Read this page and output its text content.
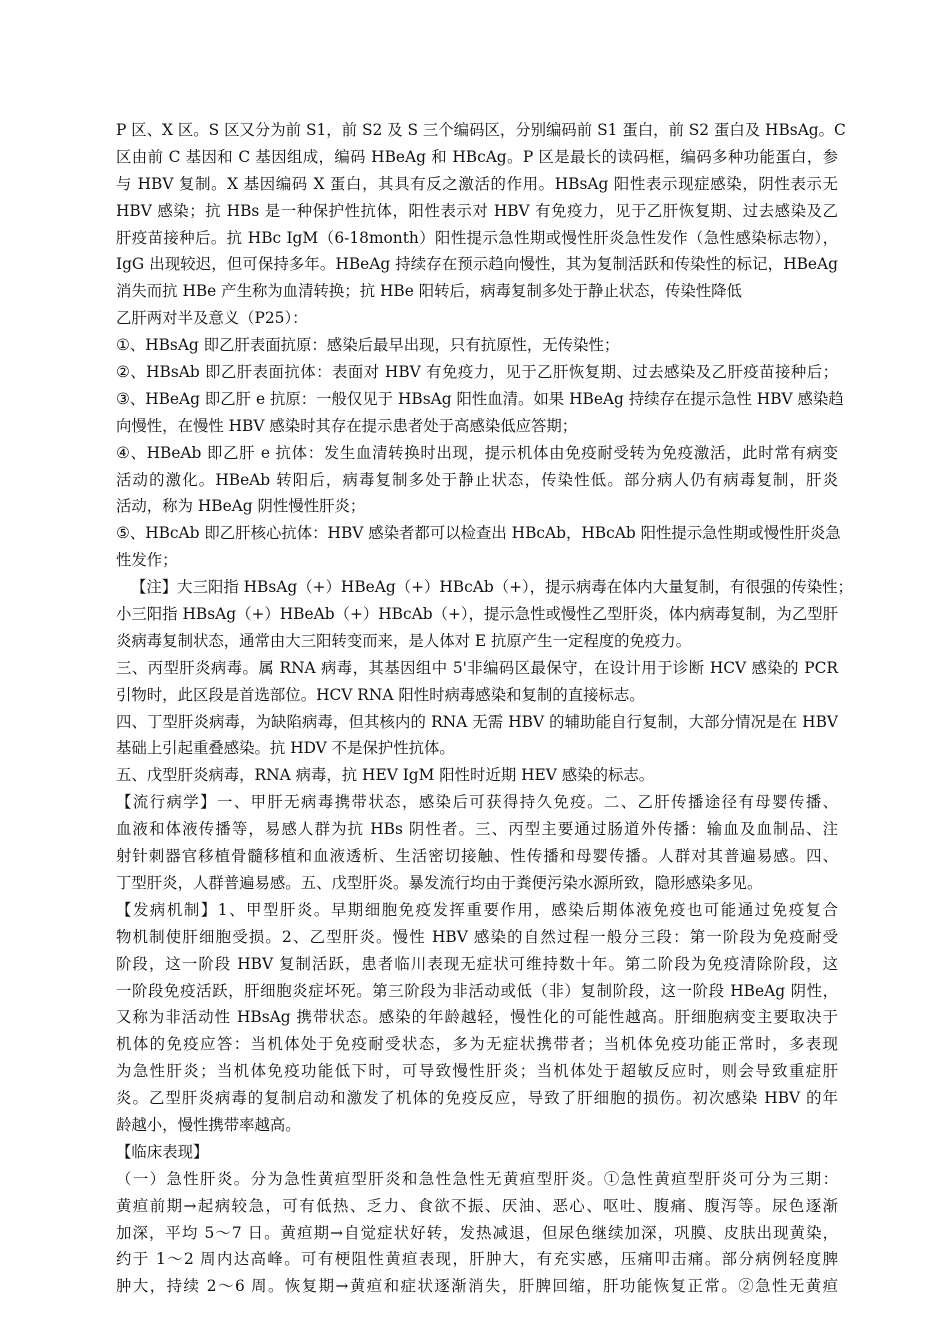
P 区、X 区。S 区又分为前 S1，前 S2 及 S 三个编码区，分别编码前 S1 蛋白，前 S2 蛋白及 HBsAg。C
区由前 C 基因和 C 基因组成，编码 HBeAg 和 HBcAg。P 区是最长的读码框，编码多种功能蛋白，参
与 HBV 复制。X 基因编码 X 蛋白，其具有反之激活的作用。HBsAg 阳性表示现症感染，阴性表示无
HBV 感染；抗 HBs 是一种保护性抗体，阳性表示对 HBV 有免疫力，见于乙肝恢复期、过去感染及乙
肝疫苗接种后。抗 HBc IgM（6-18month）阳性提示急性期或慢性肝炎急性发作（急性感染标志物），
IgG 出现较迟，但可保持多年。HBeAg 持续存在预示趋向慢性，其为复制活跃和传染性的标记，HBeAg
消失而抗 HBe 产生称为血清转换；抗 HBe 阳转后，病毒复制多处于静止状态，传染性降低
乙肝两对半及意义（P25）：
①、HBsAg 即乙肝表面抗原：感染后最早出现，只有抗原性，无传染性；
②、HBsAb 即乙肝表面抗体：表面对 HBV 有免疫力，见于乙肝恢复期、过去感染及乙肝疫苗接种后；
③、HBeAg 即乙肝 e 抗原：一般仅见于 HBsAg 阳性血清。如果 HBeAg 持续存在提示急性 HBV 感染趋
向慢性，在慢性 HBV 感染时其存在提示患者处于高感染低应答期；
④、HBeAb 即乙肝 e 抗体：发生血清转换时出现，提示机体由免疫耐受转为免疫激活，此时常有病变
活动的激化。HBeAb 转阳后，病毒复制多处于静止状态，传染性低。部分病人仍有病毒复制，肝炎
活动，称为 HBeAg 阴性慢性肝炎；
⑤、HBcAb 即乙肝核心抗体：HBV 感染者都可以检查出 HBcAb，HBcAb 阳性提示急性期或慢性肝炎急
性发作；
【注】大三阳指 HBsAg（+）HBeAg（+）HBcAb（+），提示病毒在体内大量复制，有很强的传染性；
小三阳指 HBsAg（+）HBeAb（+）HBcAb（+），提示急性或慢性乙型肝炎，体内病毒复制，为乙型肝
炎病毒复制状态，通常由大三阳转变而来，是人体对 E 抗原产生一定程度的免疫力。
三、丙型肝炎病毒。属 RNA 病毒，其基因组中 5'非编码区最保守，在设计用于诊断 HCV 感染的 PCR
引物时，此区段是首选部位。HCV RNA 阳性时病毒感染和复制的直接标志。
四、丁型肝炎病毒，为缺陷病毒，但其核内的 RNA 无需 HBV 的辅助能自行复制，大部分情况是在 HBV
基础上引起重叠感染。抗 HDV 不是保护性抗体。
五、戊型肝炎病毒，RNA 病毒，抗 HEV IgM 阳性时近期 HEV 感染的标志。
【流行病学】一、甲肝无病毒携带状态，感染后可获得持久免疫。二、乙肝传播途径有母婴传播、
血液和体液传播等，易感人群为抗 HBs 阴性者。三、丙型主要通过肠道外传播：输血及血制品、注
射针刺器官移植骨髓移植和血液透析、生活密切接触、性传播和母婴传播。人群对其普遍易感。四、
丁型肝炎，人群普遍易感。五、戊型肝炎。暴发流行均由于粪便污染水源所致，隐形感染多见。
【发病机制】1、甲型肝炎。早期细胞免疫发挥重要作用，感染后期体液免疫也可能通过免疫复合
物机制使肝细胞受损。2、乙型肝炎。慢性 HBV 感染的自然过程一般分三段：第一阶段为免疫耐受
阶段，这一阶段 HBV 复制活跃，患者临川表现无症状可维持数十年。第二阶段为免疫清除阶段，这
一阶段免疫活跃，肝细胞炎症坏死。第三阶段为非活动或低（非）复制阶段，这一阶段 HBeAg 阴性，
又称为非活动性 HBsAg 携带状态。感染的年龄越轻，慢性化的可能性越高。肝细胞病变主要取决于
机体的免疫应答：当机体处于免疫耐受状态，多为无症状携带者；当机体免疫功能正常时，多表现
为急性肝炎；当机体免疫功能低下时，可导致慢性肝炎；当机体处于超敏反应时，则会导致重症肝
炎。乙型肝炎病毒的复制启动和激发了机体的免疫反应，导致了肝细胞的损伤。初次感染 HBV 的年
龄越小，慢性携带率越高。
【临床表现】
（一）急性肝炎。分为急性黄疸型肝炎和急性急性无黄疸型肝炎。①急性黄疸型肝炎可分为三期：
黄疸前期→起病较急，可有低热、乏力、食欲不振、厌油、恶心、呕吐、腹痛、腹泻等。尿色逐渐
加深，平均 5～7 日。黄疸期→自觉症状好转，发热减退，但尿色继续加深，巩膜、皮肤出现黄染，
约于 1～2 周内达高峰。可有梗阻性黄疸表现，肝肿大，有充实感，压痛叩击痛。部分病例轻度脾
肿大，持续 2～6 周。恢复期→黄疸和症状逐渐消失，肝脾回缩，肝功能恢复正常。②急性无黄疸
